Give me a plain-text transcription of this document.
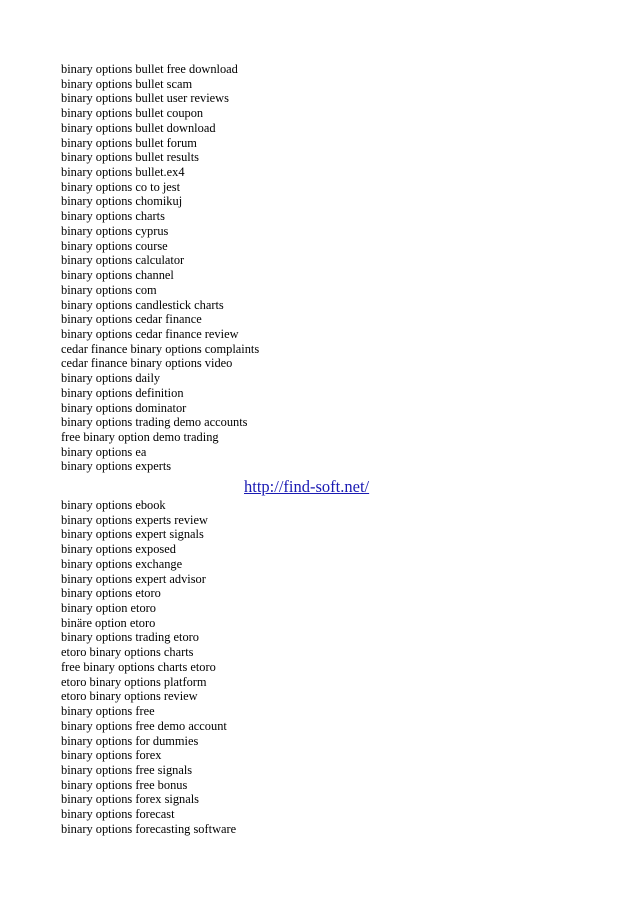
binary options bullet free download
binary options bullet scam
binary options bullet user reviews
binary options bullet coupon
binary options bullet download
binary options bullet forum
binary options bullet results
binary options bullet.ex4
binary options co to jest
binary options chomikuj
binary options charts
binary options cyprus
binary options course
binary options calculator
binary options channel
binary options com
binary options candlestick charts
binary options cedar finance
binary options cedar finance review
cedar finance binary options complaints
cedar finance binary options video
binary options daily
binary options definition
binary options dominator
binary options trading demo accounts
free binary option demo trading
binary options ea
binary options experts
http://find-soft.net/
binary options ebook
binary options experts review
binary options expert signals
binary options exposed
binary options exchange
binary options expert advisor
binary options etoro
binary option etoro
binäre option etoro
binary options trading etoro
etoro binary options charts
free binary options charts etoro
etoro binary options platform
etoro binary options review
binary options free
binary options free demo account
binary options for dummies
binary options forex
binary options free signals
binary options free bonus
binary options forex signals
binary options forecast
binary options forecasting software
